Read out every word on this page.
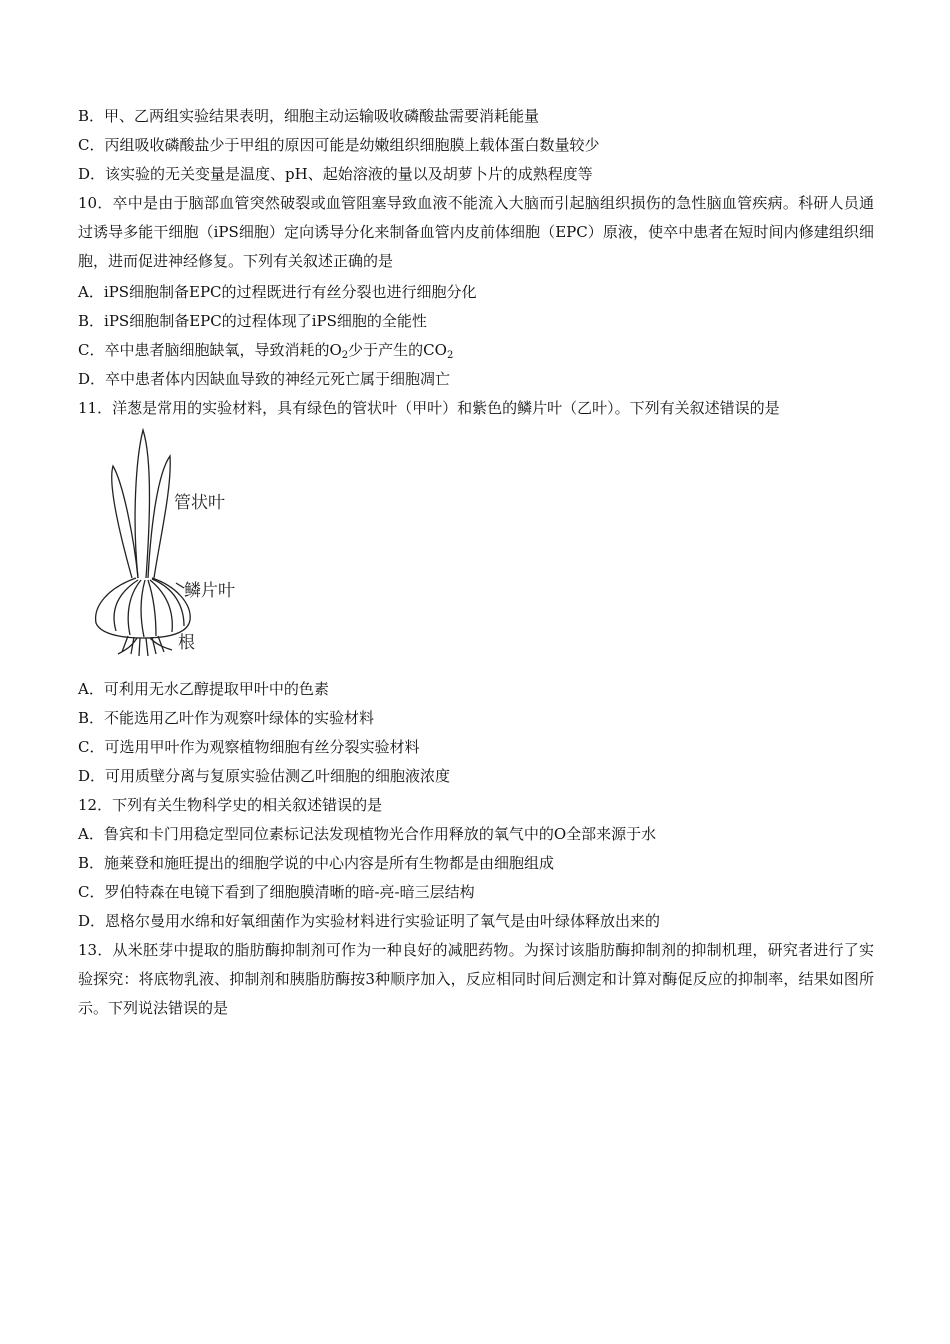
B．甲、乙两组实验结果表明，细胞主动运输吸收磷酸盐需要消耗能量
C．丙组吸收磷酸盐少于甲组的原因可能是幼嫩组织细胞膜上载体蛋白数量较少
D．该实验的无关变量是温度、pH、起始溶液的量以及胡萝卜片的成熟程度等
10．卒中是由于脑部血管突然破裂或血管阻塞导致血液不能流入大脑而引起脑组织损伤的急性脑血管疾病。科研人员通过诱导多能干细胞（iPS细胞）定向诱导分化来制备血管内皮前体细胞（EPC）原液，使卒中患者在短时间内修建组织细胞，进而促进神经修复。下列有关叙述正确的是
A．iPS细胞制备EPC的过程既进行有丝分裂也进行细胞分化
B．iPS细胞制备EPC的过程体现了iPS细胞的全能性
C．卒中患者脑细胞缺氧，导致消耗的$O_2$少于产生的$CO_2$
D．卒中患者体内因缺血导致的神经元死亡属于细胞凋亡
11．洋葱是常用的实验材料，具有绿色的管状叶（甲叶）和紫色的鳞片叶（乙叶）。下列有关叙述错误的是
管状叶
鳞片叶
根
A．可利用无水乙醇提取甲叶中的色素
B．不能选用乙叶作为观察叶绿体的实验材料
C．可选用甲叶作为观察植物细胞有丝分裂实验材料
D．可用质壁分离与复原实验估测乙叶细胞的细胞液浓度
12．下列有关生物科学史的相关叙述错误的是
A．鲁宾和卡门用稳定型同位素标记法发现植物光合作用释放的氧气中的O全部来源于水
B．施莱登和施旺提出的细胞学说的中心内容是所有生物都是由细胞组成
C．罗伯特森在电镜下看到了细胞膜清晰的暗-亮-暗三层结构
D．恩格尔曼用水绵和好氧细菌作为实验材料进行实验证明了氧气是由叶绿体释放出来的
13．从米胚芽中提取的脂肪酶抑制剂可作为一种良好的减肥药物。为探讨该脂肪酶抑制剂的抑制机理，研究者进行了实验探究：将底物乳液、抑制剂和胰脂肪酶按3种顺序加入，反应相同时间后测定和计算对酶促反应的抑制率，结果如图所示。下列说法错误的是
